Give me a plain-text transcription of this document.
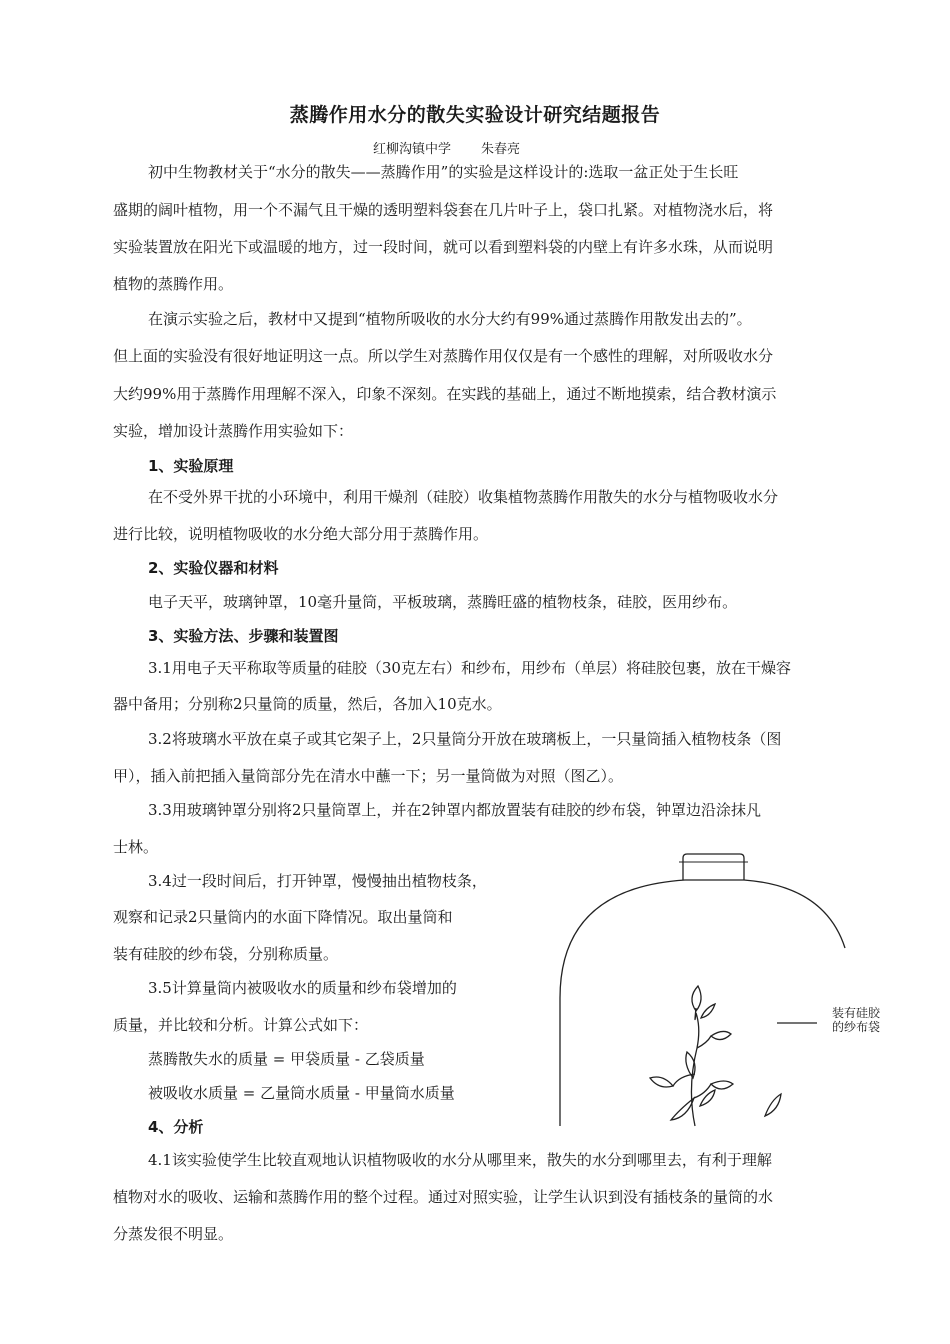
蒸腾作用水分的散失实验设计研究结题报告
红柳沟镇中学 朱春亮
初中生物教材关于“水分的散失——蒸腾作用”的实验是这样设计的:选取一盆正处于生长旺
盛期的阔叶植物，用一个不漏气且干燥的透明塑料袋套在几片叶子上，袋口扎紧。对植物浇水后，将
实验装置放在阳光下或温暖的地方，过一段时间，就可以看到塑料袋的内壁上有许多水珠，从而说明
植物的蒸腾作用。
在演示实验之后，教材中又提到“植物所吸收的水分大约有99%通过蒸腾作用散发出去的”。
但上面的实验没有很好地证明这一点。所以学生对蒸腾作用仅仅是有一个感性的理解，对所吸收水分
大约99%用于蒸腾作用理解不深入，印象不深刻。在实践的基础上，通过不断地摸索，结合教材演示
实验，增加设计蒸腾作用实验如下：
1、实验原理
在不受外界干扰的小环境中，利用干燥剂（硅胶）收集植物蒸腾作用散失的水分与植物吸收水分
进行比较，说明植物吸收的水分绝大部分用于蒸腾作用。
2、实验仪器和材料
电子天平，玻璃钟罩，10毫升量筒，平板玻璃，蒸腾旺盛的植物枝条，硅胶，医用纱布。
3、实验方法、步骤和装置图
3.1用电子天平称取等质量的硅胶（30克左右）和纱布，用纱布（单层）将硅胶包裹，放在干燥容
器中备用；分别称2只量筒的质量，然后，各加入10克水。
3.2将玻璃水平放在桌子或其它架子上，2只量筒分开放在玻璃板上，一只量筒插入植物枝条（图
甲），插入前把插入量筒部分先在清水中蘸一下；另一量筒做为对照（图乙）。
3.3用玻璃钟罩分别将2只量筒罩上，并在2钟罩内都放置装有硅胶的纱布袋，钟罩边沿涂抹凡
士林。
3.4过一段时间后，打开钟罩，慢慢抽出植物枝条，
观察和记录2只量筒内的水面下降情况。取出量筒和
装有硅胶的纱布袋，分别称质量。
3.5计算量筒内被吸收水的质量和纱布袋增加的
质量，并比较和分析。计算公式如下：
蒸腾散失水的质量 = 甲袋质量 - 乙袋质量
被吸收水质量 = 乙量筒水质量 - 甲量筒水质量
装有硅胶
的纱布袋
4、分析
4.1该实验使学生比较直观地认识植物吸收的水分从哪里来，散失的水分到哪里去，有利于理解
植物对水的吸收、运输和蒸腾作用的整个过程。通过对照实验，让学生认识到没有插枝条的量筒的水
分蒸发很不明显。
